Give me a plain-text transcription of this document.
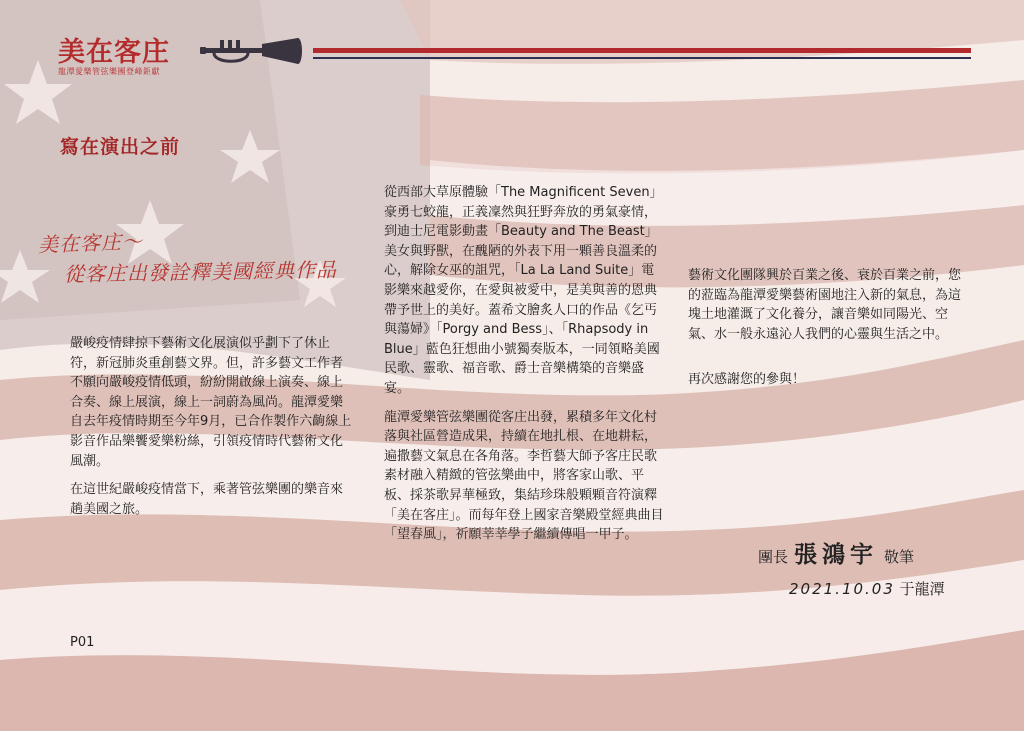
美在客庄
龍潭愛樂管弦樂團登峰鉅獻
寫在演出之前
美在客庄～
從客庄出發詮釋美國經典作品

嚴峻疫情肆掠下藝術文化展演似乎劃下了休止符，新冠肺炎重創藝文界。但，許多藝文工作者不願向嚴峻疫情低頭，紛紛開啟線上演奏、線上合奏、線上展演，線上一詞蔚為風尚。龍潭愛樂自去年疫情時期至今年9月，已合作製作六齣線上影音作品樂饗愛樂粉絲，引領疫情時代藝術文化風潮。

在這世紀嚴峻疫情當下，乘著管弦樂團的樂音來趟美國之旅。

從西部大草原體驗「The Magnificent Seven」豪勇七蛟龍，正義凜然與狂野奔放的勇氣豪情，到迪士尼電影動畫「Beauty and The Beast」美女與野獸，在醜陋的外表下用一顆善良溫柔的心，解除女巫的詛咒，「La La Land Suite」電影樂來越愛你，在愛與被愛中，是美與善的恩典帶予世上的美好。蓋希文膾炙人口的作品《乞丐與蕩婦》「Porgy and Bess」、「Rhapsody in Blue」藍色狂想曲小號獨奏版本，一同領略美國民歌、靈歌、福音歌、爵士音樂構築的音樂盛宴。

龍潭愛樂管弦樂團從客庄出發，累積多年文化村落與社區營造成果，持續在地扎根、在地耕耘，遍撒藝文氣息在各角落。李哲藝大師予客庄民歌素材融入精緻的管弦樂曲中，將客家山歌、平板、採茶歌昇華極致，集結珍珠般顆顆音符演釋「美在客庄」。而每年登上國家音樂殿堂經典曲目「望春風」，祈願莘莘學子繼續傳唱一甲子。

藝術文化團隊興於百業之後、衰於百業之前，您的蒞臨為龍潭愛樂藝術園地注入新的氣息，為這塊土地灌溉了文化養分，讓音樂如同陽光、空氣、水一般永遠沁人我們的心靈與生活之中。

再次感謝您的參與！

團長 張鴻宇 敬筆
2021.10.03 于龍潭
P01
